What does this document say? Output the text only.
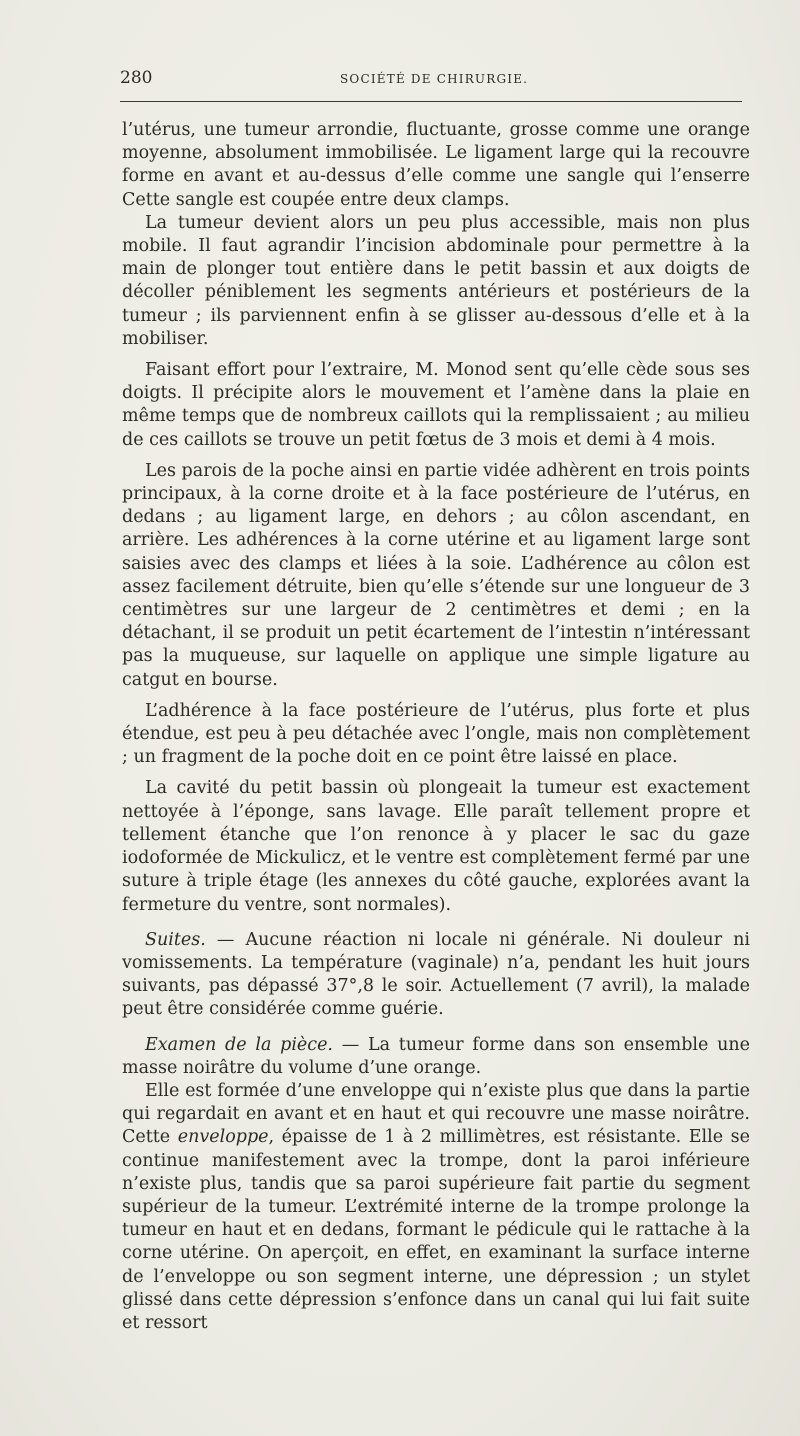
280	SOCIÉTÉ DE CHIRURGIE.

l’utérus, une tumeur arrondie, fluctuante, grosse comme une orange moyenne, absolument immobilisée. Le ligament large qui la recouvre forme en avant et au-dessus d’elle comme une sangle qui l’enserre Cette sangle est coupée entre deux clamps.

La tumeur devient alors un peu plus accessible, mais non plus mobile. Il faut agrandir l’incision abdominale pour permettre à la main de plonger tout entière dans le petit bassin et aux doigts de décoller péniblement les segments antérieurs et postérieurs de la tumeur ; ils parviennent enfin à se glisser au-dessous d’elle et à la mobiliser.

Faisant effort pour l’extraire, M. Monod sent qu’elle cède sous ses doigts. Il précipite alors le mouvement et l’amène dans la plaie en même temps que de nombreux caillots qui la remplissaient ; au milieu de ces caillots se trouve un petit fœtus de 3 mois et demi à 4 mois.

Les parois de la poche ainsi en partie vidée adhèrent en trois points principaux, à la corne droite et à la face postérieure de l’utérus, en dedans ; au ligament large, en dehors ; au côlon ascendant, en arrière. Les adhérences à la corne utérine et au ligament large sont saisies avec des clamps et liées à la soie. L’adhérence au côlon est assez facilement détruite, bien qu’elle s’étende sur une longueur de 3 centimètres sur une largeur de 2 centimètres et demi ; en la détachant, il se produit un petit écartement de l’intestin n’intéressant pas la muqueuse, sur laquelle on applique une simple ligature au catgut en bourse.

L’adhérence à la face postérieure de l’utérus, plus forte et plus étendue, est peu à peu détachée avec l’ongle, mais non complètement ; un fragment de la poche doit en ce point être laissé en place.

La cavité du petit bassin où plongeait la tumeur est exactement nettoyée à l’éponge, sans lavage. Elle paraît tellement propre et tellement étanche que l’on renonce à y placer le sac du gaze iodoformée de Mickulicz, et le ventre est complètement fermé par une suture à triple étage (les annexes du côté gauche, explorées avant la fermeture du ventre, sont normales).

Suites. — Aucune réaction ni locale ni générale. Ni douleur ni vomissements. La température (vaginale) n’a, pendant les huit jours suivants, pas dépassé 37°,8 le soir. Actuellement (7 avril), la malade peut être considérée comme guérie.

Examen de la pièce. — La tumeur forme dans son ensemble une masse noirâtre du volume d’une orange.

Elle est formée d’une enveloppe qui n’existe plus que dans la partie qui regardait en avant et en haut et qui recouvre une masse noirâtre. Cette enveloppe, épaisse de 1 à 2 millimètres, est résistante. Elle se continue manifestement avec la trompe, dont la paroi inférieure n’existe plus, tandis que sa paroi supérieure fait partie du segment supérieur de la tumeur. L’extrémité interne de la trompe prolonge la tumeur en haut et en dedans, formant le pédicule qui le rattache à la corne utérine. On aperçoit, en effet, en examinant la surface interne de l’enveloppe ou son segment interne, une dépression ; un stylet glissé dans cette dépression s’enfonce dans un canal qui lui fait suite et ressort
